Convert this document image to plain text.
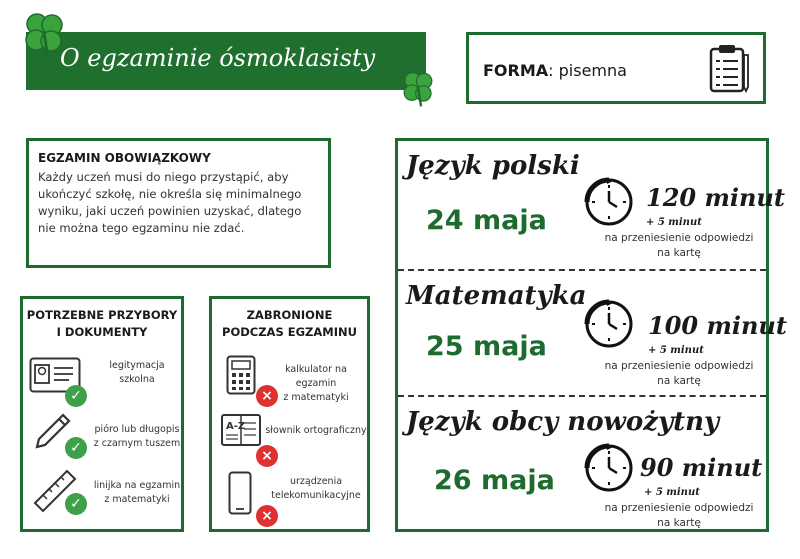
O egzaminie ósmoklasisty	FORMA: pisemna
EGZAMIN OBOWIĄZKOWY
Każdy uczeń musi do niego przystąpić, aby
ukończyć szkołę, nie określa się minimalnego
wyniku, jaki uczeń powinien uzyskać, dlatego
nie można tego egzaminu nie zdać.
POTRZEBNE PRZYBORY
I DOKUMENTY
✓
legitymacja
szkolna
✓
pióro lub długopis
z czarnym tuszem
✓
linijka na egzamin
z matematyki
ZABRONIONE
PODCZAS EGZAMINU
×
kalkulator na egzamin
z matematyki
A-Z
×
słownik ortograficzny
×
urządzenia
telekomunikacyjne
Język polski
24 maja
120 minut
+ 5 minut
na przeniesienie odpowiedzi
na kartę
Matematyka
25 maja
100 minut
+ 5 minut
na przeniesienie odpowiedzi
na kartę
Język obcy nowożytny
26 maja	90 minut
+ 5 minut
na przeniesienie odpowiedzi
na kartę
